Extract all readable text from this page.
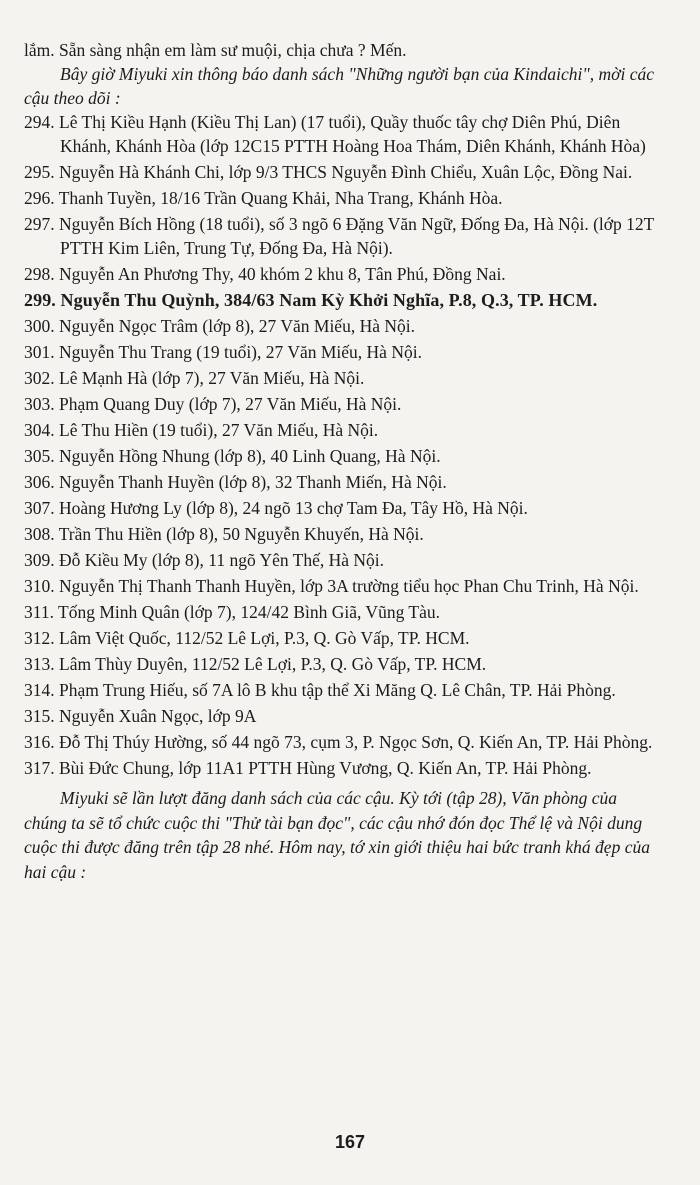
lắm. Sẵn sàng nhận em làm sư muội, chịa chưa ? Mến.

Bây giờ Miyuki xin thông báo danh sách "Những người bạn của Kindaichi", mời các cậu theo dõi :

294. Lê Thị Kiều Hạnh (Kiều Thị Lan) (17 tuổi), Quầy thuốc tây chợ Diên Phú, Diên Khánh, Khánh Hòa (lớp 12C15 PTTH Hoàng Hoa Thám, Diên Khánh, Khánh Hòa)
295. Nguyễn Hà Khánh Chi, lớp 9/3 THCS Nguyễn Đình Chiểu, Xuân Lộc, Đồng Nai.
296. Thanh Tuyền, 18/16 Trần Quang Khải, Nha Trang, Khánh Hòa.
297. Nguyễn Bích Hồng (18 tuổi), số 3 ngõ 6 Đặng Văn Ngữ, Đống Đa, Hà Nội. (lớp 12T PTTH Kim Liên, Trung Tự, Đống Đa, Hà Nội).
298. Nguyễn An Phương Thy, 40 khóm 2 khu 8, Tân Phú, Đồng Nai.
299. Nguyễn Thu Quỳnh, 384/63 Nam Kỳ Khởi Nghĩa, P.8, Q.3, TP. HCM.
300. Nguyễn Ngọc Trâm (lớp 8), 27 Văn Miếu, Hà Nội.
301. Nguyễn Thu Trang (19 tuổi), 27 Văn Miếu, Hà Nội.
302. Lê Mạnh Hà (lớp 7), 27 Văn Miếu, Hà Nội.
303. Phạm Quang Duy (lớp 7), 27 Văn Miếu, Hà Nội.
304. Lê Thu Hiền (19 tuổi), 27 Văn Miếu, Hà Nội.
305. Nguyễn Hồng Nhung (lớp 8), 40 Linh Quang, Hà Nội.
306. Nguyễn Thanh Huyền (lớp 8), 32 Thanh Miến, Hà Nội.
307. Hoàng Hương Ly (lớp 8), 24 ngõ 13 chợ Tam Đa, Tây Hồ, Hà Nội.
308. Trần Thu Hiền (lớp 8), 50 Nguyễn Khuyến, Hà Nội.
309. Đỗ Kiều My (lớp 8), 11 ngõ Yên Thế, Hà Nội.
310. Nguyễn Thị Thanh Thanh Huyền, lớp 3A trường tiểu học Phan Chu Trinh, Hà Nội.
311. Tống Minh Quân (lớp 7), 124/42 Bình Giã, Vũng Tàu.
312. Lâm Việt Quốc, 112/52 Lê Lợi, P.3, Q. Gò Vấp, TP. HCM.
313. Lâm Thùy Duyên, 112/52 Lê Lợi, P.3, Q. Gò Vấp, TP. HCM.
314. Phạm Trung Hiếu, số 7A lô B khu tập thể Xi Măng Q. Lê Chân, TP. Hải Phòng.
315. Nguyễn Xuân Ngọc, lớp 9A
316. Đỗ Thị Thúy Hường, số 44 ngõ 73, cụm 3, P. Ngọc Sơn, Q. Kiến An, TP. Hải Phòng.
317. Bùi Đức Chung, lớp 11A1 PTTH Hùng Vương, Q. Kiến An, TP. Hải Phòng.

Miyuki sẽ lần lượt đăng danh sách của các cậu. Kỳ tới (tập 28), Văn phòng của chúng ta sẽ tổ chức cuộc thi "Thử tài bạn đọc", các cậu nhớ đón đọc Thể lệ và Nội dung cuộc thi được đăng trên tập 28 nhé. Hôm nay, tớ xin giới thiệu hai bức tranh khá đẹp của hai cậu :

167
